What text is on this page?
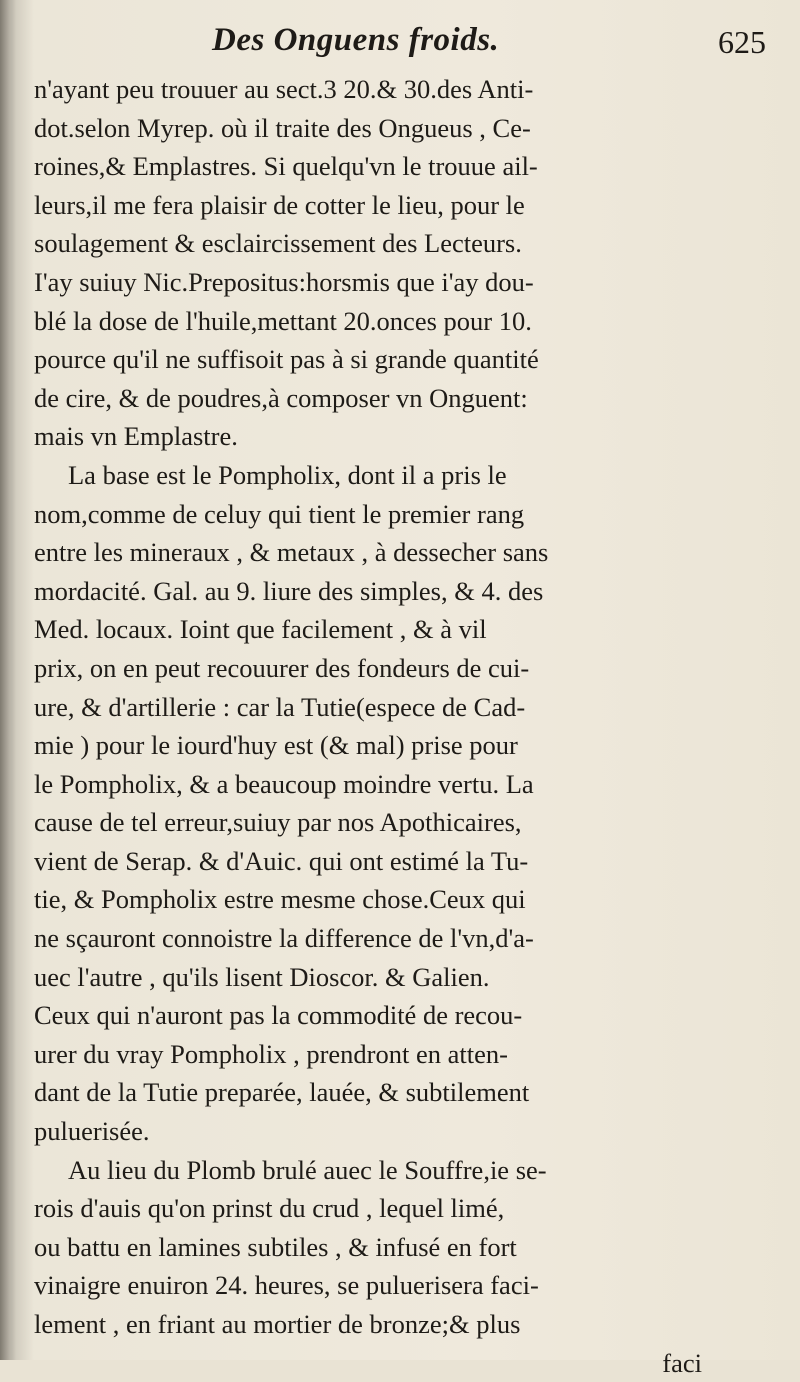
Des Onguens froids.	625
n'ayant peu trouuer au sect.3 20.& 30.des Anti-
dot.selon Myrep. où il traite des Ongueus , Ce-
roines,& Emplastres. Si quelqu'vn le trouue ail-
leurs,il me fera plaisir de cotter le lieu, pour le
soulagement & esclaircissement des Lecteurs.
I'ay suiuy Nic.Prepositus:horsmis que i'ay dou-
blé la dose de l'huile,mettant 20.onces pour 10.
pource qu'il ne suffisoit pas à si grande quantité
de cire, & de poudres,à composer vn Onguent:
mais vn Emplastre.
La base est le Pompholix, dont il a pris le
nom,comme de celuy qui tient le premier rang
entre les mineraux , & metaux , à dessecher sans
mordacité. Gal. au 9. liure des simples, & 4. des
Med. locaux. Ioint que facilement , & à vil
prix, on en peut recouurer des fondeurs de cui-
ure, & d'artillerie : car la Tutie(espece de Cad-
mie ) pour le iourd'huy est (& mal) prise pour
le Pompholix, & a beaucoup moindre vertu. La
cause de tel erreur,suiuy par nos Apothicaires,
vient de Serap. & d'Auic. qui ont estimé la Tu-
tie, & Pompholix estre mesme chose.Ceux qui
ne sçauront connoistre la difference de l'vn,d'a-
uec l'autre , qu'ils lisent Dioscor. & Galien.
Ceux qui n'auront pas la commodité de recou-
urer du vray Pompholix , prendront en atten-
dant de la Tutie preparée, lauée, & subtilement
pulueriséе.
Au lieu du Plomb brulé auec le Souffre,ie se-
rois d'auis qu'on prinst du crud , lequel limé,
ou battu en lamines subtiles , & infusé en fort
vinaigre enuiron 24. heures, se puluerisera faci-
lement , en friant au mortier de bronze;& plus
faci
